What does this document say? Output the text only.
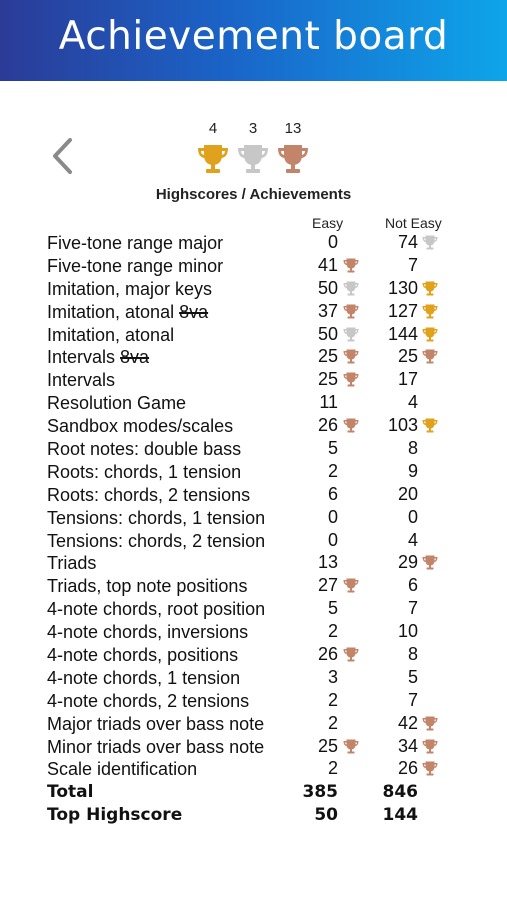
Achievement board
4	3	13
Highscores / Achievements
Easy	Not Easy
Five-tone range major	0	74
Five-tone range minor	41	7
Imitation, major keys	50	130
Imitation, atonal 8va	37	127
Imitation, atonal	50	144
Intervals 8va	25	25
Intervals	25	17
Resolution Game	11	4
Sandbox modes/scales	26	103
Root notes: double bass	5	8
Roots: chords, 1 tension	2	9
Roots: chords, 2 tensions	6	20
Tensions: chords, 1 tension	0	0
Tensions: chords, 2 tension	0	4
Triads	13	29
Triads, top note positions	27	6
4-note chords, root position	5	7
4-note chords, inversions	2	10
4-note chords, positions	26	8
4-note chords, 1 tension	3	5
4-note chords, 2 tensions	2	7
Major triads over bass note	2	42
Minor triads over bass note	25	34
Scale identification	2	26
Total	385	846
Top Highscore	50	144
